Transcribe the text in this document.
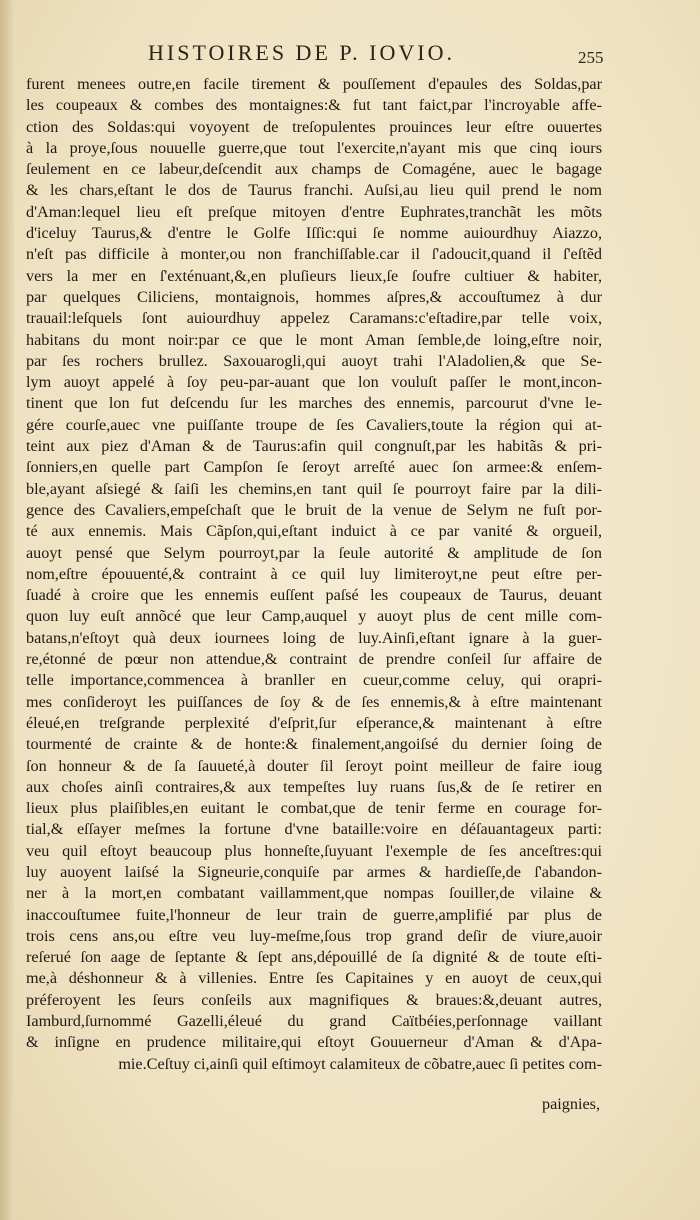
HISTOIRES DE P. IOVIO.	255
furent menees outre,en facile tirement & pouſſement d'epaules des Soldas,par
les coupeaux & combes des montaignes:& fut tant faict,par l'incroyable affe-
ction des Soldas:qui voyoyent de treſopulentes prouinces leur eſtre ouuertes
à la proye,ſous nouuelle guerre,que tout l'exercite,n'ayant mis que cinq iours
ſeulement en ce labeur,deſcendit aux champs de Comagéne, auec le bagage
& les chars,eſtant le dos de Taurus franchi. Auſsi,au lieu quil prend le nom
d'Aman:lequel lieu eſt preſque mitoyen d'entre Euphrates,tranchãt les mõts
d'iceluy Taurus,& d'entre le Golfe Iſſic:qui ſe nomme auiourdhuy Aiazzo,
n'eſt pas difficile à monter,ou non franchiſſable.car il ſ'adoucit,quand il ſ'eſtẽd
vers la mer en ſ'exténuant,&,en pluſieurs lieux,ſe ſoufre cultiuer & habiter,
par quelques Ciliciens, montaignois, hommes aſpres,& accouſtumez à dur
trauail:leſquels ſont auiourdhuy appelez Caramans:c'eſtadire,par telle voix,
habitans du mont noir:par ce que le mont Aman ſemble,de loing,eſtre noir,
par ſes rochers brullez. Saxouarogli,qui auoyt trahi l'Aladolien,& que Se-
lym auoyt appelé à ſoy peu-par-auant que lon vouluſt paſſer le mont,incon-
tinent que lon fut deſcendu ſur les marches des ennemis, parcourut d'vne le-
gére courſe,auec vne puiſſante troupe de ſes Cavaliers,toute la région qui at-
teint aux piez d'Aman & de Taurus:afin quil congnuſt,par les habitãs & pri-
ſonniers,en quelle part Campſon ſe ſeroyt arreſté auec ſon armee:& enſem-
ble,ayant aſsiegé & ſaiſi les chemins,en tant quil ſe pourroyt faire par la dili-
gence des Cavaliers,empeſchaſt que le bruit de la venue de Selym ne fuſt por-
té aux ennemis. Mais Cãpſon,qui,eſtant induict à ce par vanité & orgueil,
auoyt pensé que Selym pourroyt,par la ſeule autorité & amplitude de ſon
nom,eſtre épouuenté,& contraint à ce quil luy limiteroyt,ne peut eſtre per-
ſuadé à croire que les ennemis euſſent paſsé les coupeaux de Taurus, deuant
quon luy euſt annõcé que leur Camp,auquel y auoyt plus de cent mille com-
batans,n'eſtoyt quà deux iournees loing de luy.Ainſi,eſtant ignare à la guer-
re,étonné de pœur non attendue,& contraint de prendre conſeil ſur affaire de
telle importance,commencea à branller en cueur,comme celuy, qui orapri-
mes conſideroyt les puiſſances de ſoy & de ſes ennemis,& à eſtre maintenant
éleué,en treſgrande perplexité d'eſprit,ſur eſperance,& maintenant à eſtre
tourmenté de crainte & de honte:& finalement,angoiſsé du dernier ſoing de
ſon honneur & de ſa ſauueté,à douter ſil ſeroyt point meilleur de faire ioug
aux choſes ainſi contraires,& aux tempeſtes luy ruans ſus,& de ſe retirer en
lieux plus plaiſibles,en euitant le combat,que de tenir ferme en courage for-
tial,& eſſayer meſmes la fortune d'vne bataille:voire en déſauantageux parti:
veu quil eſtoyt beaucoup plus honneſte,ſuyuant l'exemple de ſes anceſtres:qui
luy auoyent laiſsé la Signeurie,conquiſe par armes & hardieſſe,de ſ'abandon-
ner à la mort,en combatant vaillamment,que nompas ſouiller,de vilaine &
inaccouſtumee fuite,l'honneur de leur train de guerre,amplifié par plus de
trois cens ans,ou eſtre veu luy-meſme,ſous trop grand deſir de viure,auoir
reſerué ſon aage de ſeptante & ſept ans,dépouillé de ſa dignité & de toute eſti-
me,à déshonneur & à villenies. Entre ſes Capitaines y en auoyt de ceux,qui
préferoyent les ſeurs conſeils aux magnifiques & braues:&,deuant autres,
Iamburd,ſurnommé Gazelli,éleué du grand Caïtbéies,perſonnage vaillant
& inſigne en prudence militaire,qui eſtoyt Gouuerneur d'Aman & d'Apa-
mie.Ceſtuy ci,ainſi quil eſtimoyt calamiteux de cõbatre,auec ſi petites com-
paignies,
